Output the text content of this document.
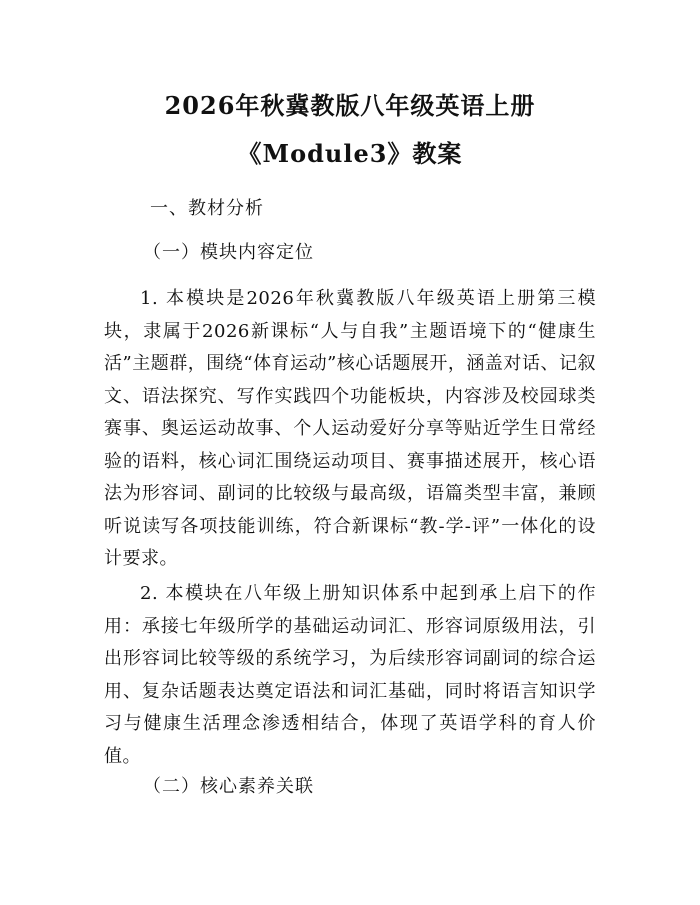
2026年秋冀教版八年级英语上册
《Module3》教案
一、教材分析
（一）模块内容定位
1. 本模块是2026年秋冀教版八年级英语上册第三模块，隶属于2026新课标“人与自我”主题语境下的“健康生活”主题群，围绕“体育运动”核心话题展开，涵盖对话、记叙文、语法探究、写作实践四个功能板块，内容涉及校园球类赛事、奥运运动故事、个人运动爱好分享等贴近学生日常经验的语料，核心词汇围绕运动项目、赛事描述展开，核心语法为形容词、副词的比较级与最高级，语篇类型丰富，兼顾听说读写各项技能训练，符合新课标“教-学-评”一体化的设计要求。
2. 本模块在八年级上册知识体系中起到承上启下的作用：承接七年级所学的基础运动词汇、形容词原级用法，引出形容词比较等级的系统学习，为后续形容词副词的综合运用、复杂话题表达奠定语法和词汇基础，同时将语言知识学习与健康生活理念渗透相结合，体现了英语学科的育人价值。
（二）核心素养关联
